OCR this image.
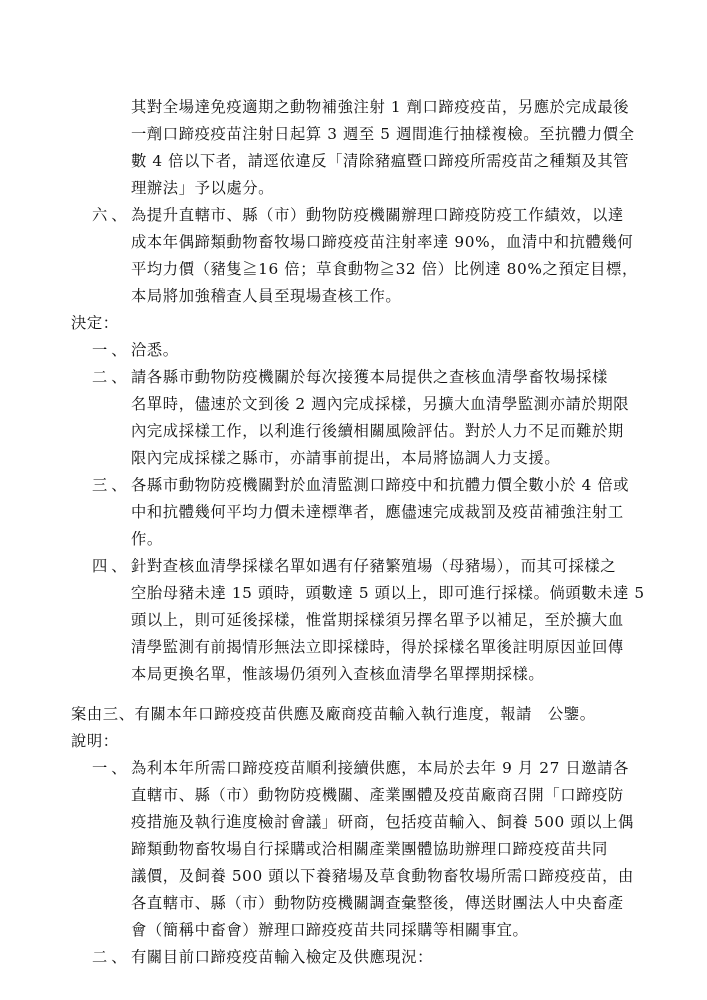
其對全場達免疫適期之動物補強注射 1 劑口蹄疫疫苗，另應於完成最後
一劑口蹄疫疫苗注射日起算 3 週至 5 週間進行抽樣複檢。至抗體力價全
數 4 倍以下者，請逕依違反「清除豬瘟暨口蹄疫所需疫苗之種類及其管
理辦法」予以處分。
六、 為提升直轄市、縣（市）動物防疫機關辦理口蹄疫防疫工作績效，以達
成本年偶蹄類動物畜牧場口蹄疫疫苗注射率達 90%，血清中和抗體幾何
平均力價（豬隻≧16 倍；草食動物≧32 倍）比例達 80%之預定目標，
本局將加強稽查人員至現場查核工作。
決定：
一、 洽悉。
二、 請各縣市動物防疫機關於每次接獲本局提供之查核血清學畜牧場採樣
名單時，儘速於文到後 2 週內完成採樣，另擴大血清學監測亦請於期限
內完成採樣工作，以利進行後續相關風險評估。對於人力不足而難於期
限內完成採樣之縣市，亦請事前提出，本局將協調人力支援。
三、 各縣市動物防疫機關對於血清監測口蹄疫中和抗體力價全數小於 4 倍或
中和抗體幾何平均力價未達標準者，應儘速完成裁罰及疫苗補強注射工
作。
四、 針對查核血清學採樣名單如遇有仔豬繁殖場（母豬場），而其可採樣之
空胎母豬未達 15 頭時，頭數達 5 頭以上，即可進行採樣。倘頭數未達 5
頭以上，則可延後採樣，惟當期採樣須另擇名單予以補足，至於擴大血
清學監測有前揭情形無法立即採樣時，得於採樣名單後註明原因並回傳
本局更換名單，惟該場仍須列入查核血清學名單擇期採樣。
案由三、有關本年口蹄疫疫苗供應及廠商疫苗輸入執行進度，報請　公鑒。
說明：
一、 為利本年所需口蹄疫疫苗順利接續供應，本局於去年 9 月 27 日邀請各
直轄市、縣（市）動物防疫機關、產業團體及疫苗廠商召開「口蹄疫防
疫措施及執行進度檢討會議」研商，包括疫苗輸入、飼養 500 頭以上偶
蹄類動物畜牧場自行採購或洽相關產業團體協助辦理口蹄疫疫苗共同
議價，及飼養 500 頭以下養豬場及草食動物畜牧場所需口蹄疫疫苗，由
各直轄市、縣（市）動物防疫機關調查彙整後，傳送財團法人中央畜產
會（簡稱中畜會）辦理口蹄疫疫苗共同採購等相關事宜。
二、 有關目前口蹄疫疫苗輸入檢定及供應現況：
